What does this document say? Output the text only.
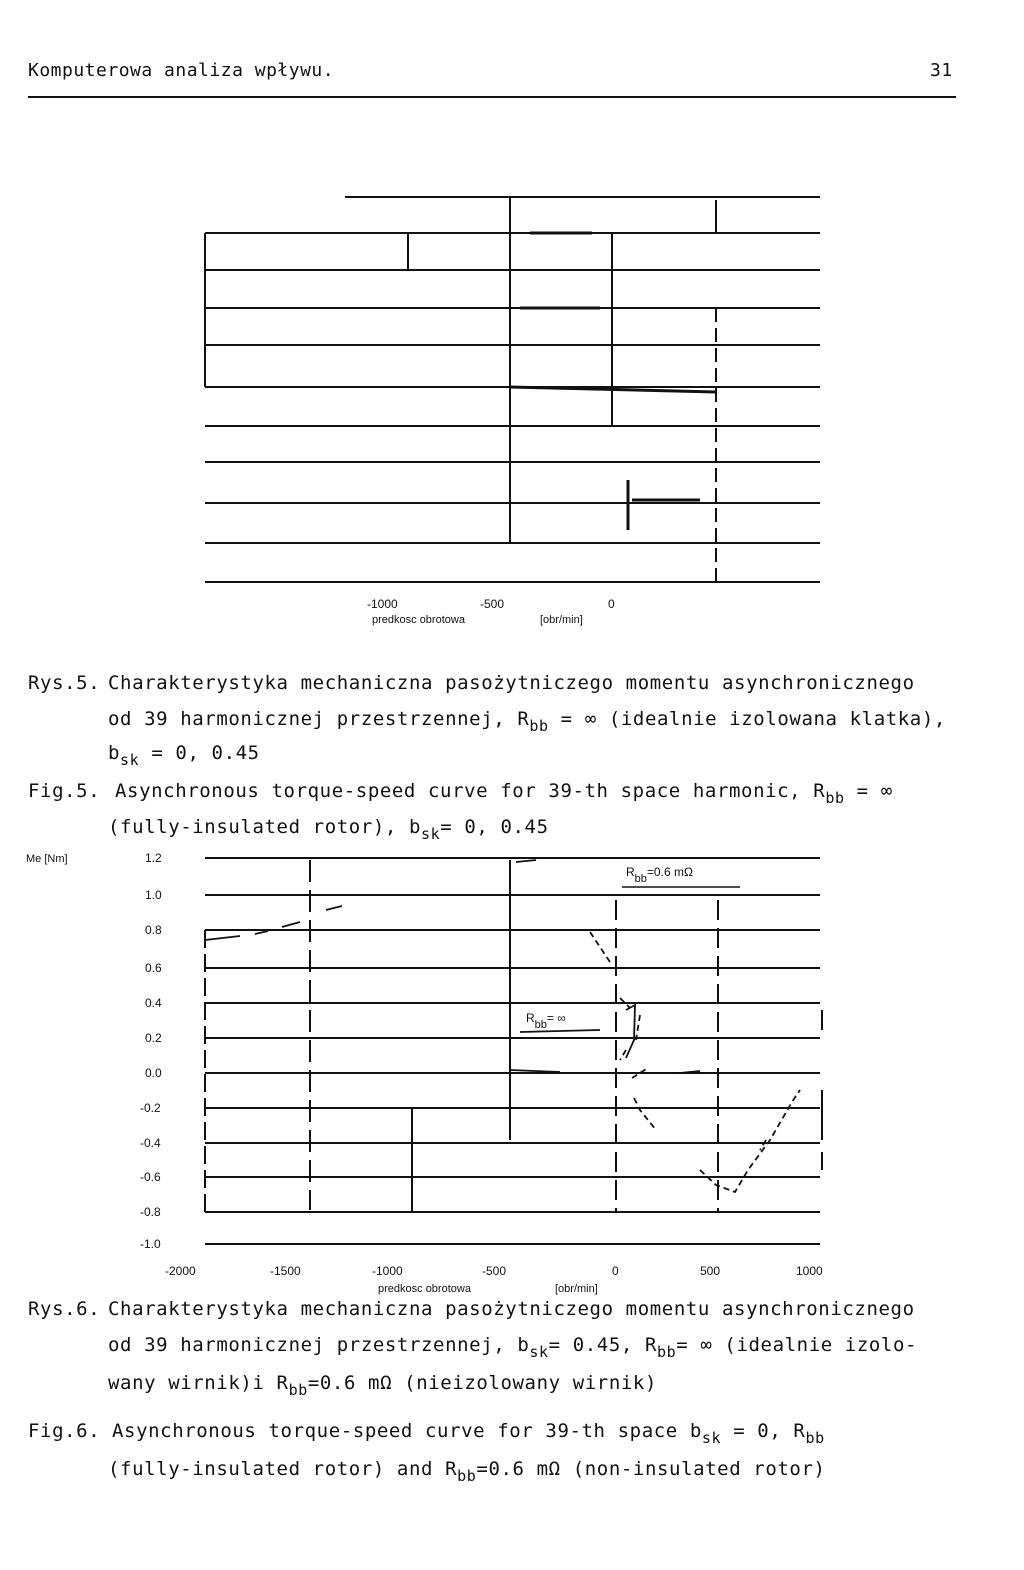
Komputerowa analiza wpływu.	31
-1000	-500	0
predkosc obrotowa	[obr/min]
Rys.5. Charakterystyka mechaniczna pasożytniczego momentu asynchronicznego
od 39 harmonicznej przestrzennej, $R_{bb}$ = ∞ (idealnie izolowana klatka),
$b_{sk} = 0$, 0.45
Fig.5. Asynchronous torque-speed curve for 39-th space harmonic, $R_{bb}$ = ∞
(fully-insulated rotor), $b_{sk}= 0$, 0.45
Me [Nm]	1.2
1.0
0.8
0.6
0.4
0.2
0.0
-0.2
-0.4
-0.6
-0.8
-1.0
-2000	-1500	-1000	-500	0	500	1000
predkosc obrotowa	[obr/min]
Rbb=0.6 mΩ
Rbb= ∞
Rys.6. Charakterystyka mechaniczna pasożytniczego momentu asynchronicznego
od 39 harmonicznej przestrzennej, $b_{sk}= 0.45$, $R_{bb}=$ ∞ (idealnie izolo-
wany wirnik)i $R_{bb}=0.6$ mΩ (nieizolowany wirnik)
Fig.6. Asynchronous torque-speed curve for 39-th space $b_{sk} = 0$, $R_{bb}$
(fully-insulated rotor) and $R_{bb}=0.6$ mΩ (non-insulated rotor)
